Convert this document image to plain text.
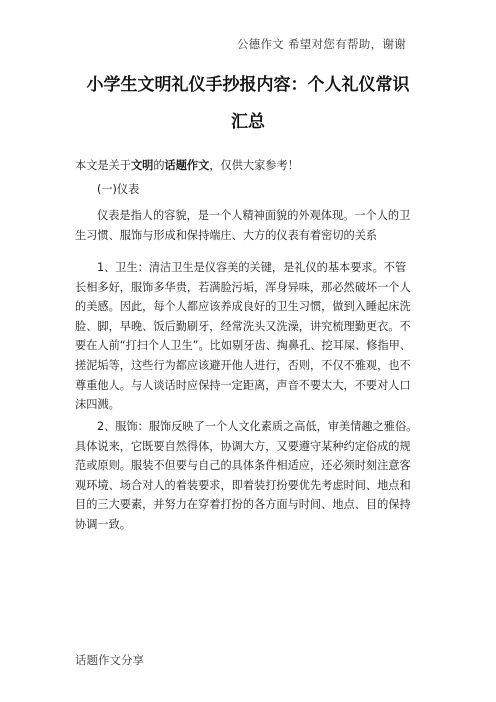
公德作文 希望对您有帮助，谢谢
小学生文明礼仪手抄报内容：个人礼仪常识
汇总
本文是关于文明的话题作文，仅供大家参考！
(一)仪表
仪表是指人的容貌，是一个人精神面貌的外观体现。一个人的卫
生习惯、服饰与形成和保持端庄、大方的仪表有着密切的关系
1、卫生：清洁卫生是仪容美的关键，是礼仪的基本要求。不管
长相多好，服饰多华贵，若满脸污垢，浑身异味，那必然破坏一个人
的美感。因此，每个人都应该养成良好的卫生习惯，做到入睡起床洗
脸、脚，早晚、饭后勤刷牙，经常洗头又洗澡，讲究梳理勤更衣。不
要在人前“打扫个人卫生”。比如剔牙齿、掏鼻孔、挖耳屎、修指甲、
搓泥垢等，这些行为都应该避开他人进行，否则，不仅不雅观，也不
尊重他人。与人谈话时应保持一定距离，声音不要太大，不要对人口
沫四溅。
2、服饰：服饰反映了一个人文化素质之高低，审美情趣之雅俗。
具体说来，它既要自然得体，协调大方，又要遵守某种约定俗成的规
范或原则。服装不但要与自己的具体条件相适应，还必须时刻注意客
观环境、场合对人的着装要求，即着装打扮要优先考虑时间、地点和
目的三大要素，并努力在穿着打扮的各方面与时间、地点、目的保持
协调一致。
话题作文分享
